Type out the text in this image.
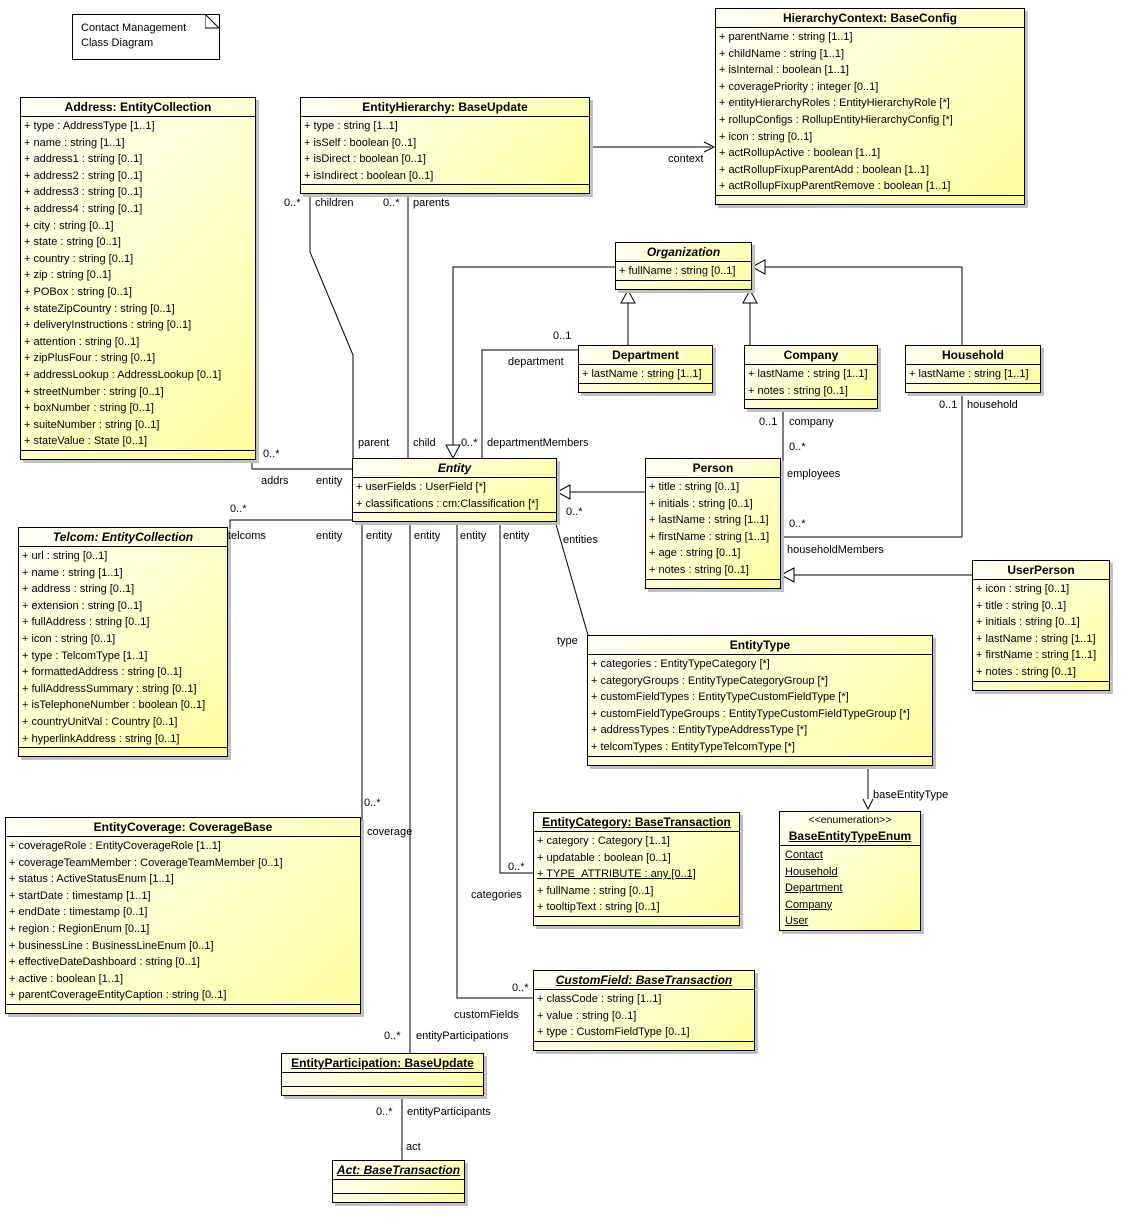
Contact Management
Class Diagram
Address: EntityCollection
+ type : AddressType [1..1]
+ name : string [1..1]
+ address1 : string [0..1]
+ address2 : string [0..1]
+ address3 : string [0..1]
+ address4 : string [0..1]
+ city : string [0..1]
+ state : string [0..1]
+ country : string [0..1]
+ zip : string [0..1]
+ POBox : string [0..1]
+ stateZipCountry : string [0..1]
+ deliveryInstructions : string [0..1]
+ attention : string [0..1]
+ zipPlusFour : string [0..1]
+ addressLookup : AddressLookup [0..1]
+ streetNumber : string [0..1]
+ boxNumber : string [0..1]
+ suiteNumber : string [0..1]
+ stateValue : State [0..1]
EntityHierarchy: BaseUpdate
+ type : string [1..1]
+ isSelf : boolean [0..1]
+ isDirect : boolean [0..1]
+ isIndirect : boolean [0..1]
HierarchyContext: BaseConfig
+ parentName : string [1..1]
+ childName : string [1..1]
+ isInternal : boolean [1..1]
+ coveragePriority : integer [0..1]
+ entityHierarchyRoles : EntityHierarchyRole [*]
+ rollupConfigs : RollupEntityHierarchyConfig [*]
+ icon : string [0..1]
+ actRollupActive : boolean [1..1]
+ actRollupFixupParentAdd : boolean [1..1]
+ actRollupFixupParentRemove : boolean [1..1]
Organization
+ fullName : string [0..1]
Department
+ lastName : string [1..1]
Company
+ lastName : string [1..1]
+ notes : string [0..1]
Household
+ lastName : string [1..1]
Entity
+ userFields : UserField [*]
+ classifications : cm:Classification [*]
Person
+ title : string [0..1]
+ initials : string [0..1]
+ lastName : string [1..1]
+ firstName : string [1..1]
+ age : string [0..1]
+ notes : string [0..1]	UserPerson
+ icon : string [0..1]
+ title : string [0..1]
+ initials : string [0..1]
+ lastName : string [1..1]
+ firstName : string [1..1]
+ notes : string [0..1]
Telcom: EntityCollection
+ url : string [0..1]
+ name : string [1..1]
+ address : string [0..1]
+ extension : string [0..1]
+ fullAddress : string [0..1]
+ icon : string [0..1]
+ type : TelcomType [1..1]
+ formattedAddress : string [0..1]
+ fullAddressSummary : string [0..1]
+ isTelephoneNumber : boolean [0..1]
+ countryUnitVal : Country [0..1]
+ hyperlinkAddress : string [0..1]
EntityType
+ categories : EntityTypeCategory [*]
+ categoryGroups : EntityTypeCategoryGroup [*]
+ customFieldTypes : EntityTypeCustomFieldType [*]
+ customFieldTypeGroups : EntityTypeCustomFieldTypeGroup [*]
+ addressTypes : EntityTypeAddressType [*]
+ telcomTypes : EntityTypeTelcomType [*]
EntityCoverage: CoverageBase
+ coverageRole : EntityCoverageRole [1..1]
+ coverageTeamMember : CoverageTeamMember [0..1]
+ status : ActiveStatusEnum [1..1]
+ startDate : timestamp [1..1]
+ endDate : timestamp [0..1]
+ region : RegionEnum [0..1]
+ businessLine : BusinessLineEnum [0..1]
+ effectiveDateDashboard : string [0..1]
+ active : boolean [1..1]
+ parentCoverageEntityCaption : string [0..1]
EntityCategory: BaseTransaction
+ category : Category [1..1]
+ updatable : boolean [0..1]
+ TYPE_ATTRIBUTE : any [0..1]
+ fullName : string [0..1]
+ tooltipText : string [0..1]
<<enumeration>>
BaseEntityTypeEnum
Contact
Household
Department
Company
User
CustomField: BaseTransaction
+ classCode : string [1..1]
+ value : string [0..1]
+ type : CustomFieldType [0..1]
EntityParticipation: BaseUpdate
Act: BaseTransaction
0..* children	0..* parents
context
parent child 0..* departmentMembers
0..1
department
0..*
addrs entity
0..*
telcoms	entity entity entity entity entity
0..*
entities
type
0..1 company
0..*
employees
0..1 household
0..*
householdMembers
0..*
coverage
0..*
categories
0..*
customFields
0..* entityParticipations
baseEntityType
0..* entityParticipants
act
